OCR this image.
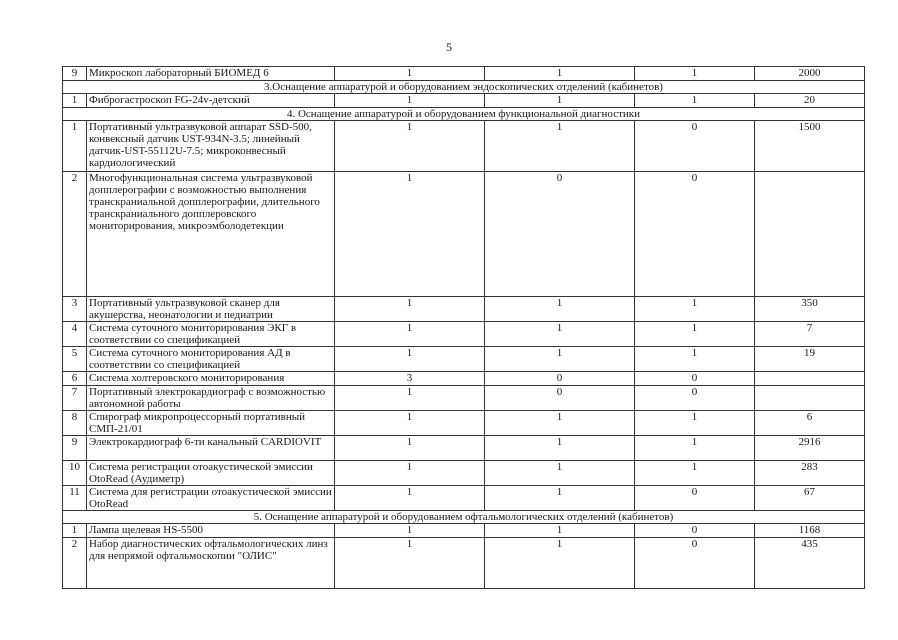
5
9	Микроскоп лабораторный БИОМЕД 6	1	1	1	2000
3.Оснащение аппаратурой и оборудованием эндоскопических отделений (кабинетов)					
1	Фиброгастроскоп FG-24v-детский	1	1	1	20
4. Оснащение аппаратурой и оборудованием функциональной диагностики					
1	Портативный ультразвуковой аппарат SSD-500, конвексный датчик UST-934N-3.5; линейный датчик-UST-55112U-7.5; микроконвесный кардиологический	1	1	0	1500
2	Многофункциональная система ультразвуковой допплерографии с возможностью выполнения транскраниальной допплерографии, длительного транскраниального допплеровского мониторирования, микроэмболодетекции	1	0	0	
3	Портативный ультразвуковой сканер для акушерства, неонатологии и педиатрии	1	1	1	350
4	Система суточного мониторирования ЭКГ в соответствии со спецификацией	1	1	1	7
5	Система суточного мониторирования АД в соответствии со спецификацией	1	1	1	19
6	Система холтеровского мониторирования	3	0	0	
7	Портативный электрокардиограф с возможностью автономной работы	1	0	0	
8	Спирограф микропроцессорный портативный СМП-21/01	1	1	1	6
9	Электрокардиограф 6-ти канальный CARDIOVIT	1	1	1	2916
10	Система регистрации отоакустической эмиссии OtoRead (Аудиметр)	1	1	1	283
11	Система для регистрации отоакустической эмиссии OtoRead	1	1	0	67
5. Оснащение аппаратурой и оборудованием офтальмологических отделений (кабинетов)					
1	Лампа щелевая HS-5500	1	1	0	1168
2	Набор диагностических офтальмологических линз для непрямой офтальмоскопии "ОЛИС"	1	1	0	435
